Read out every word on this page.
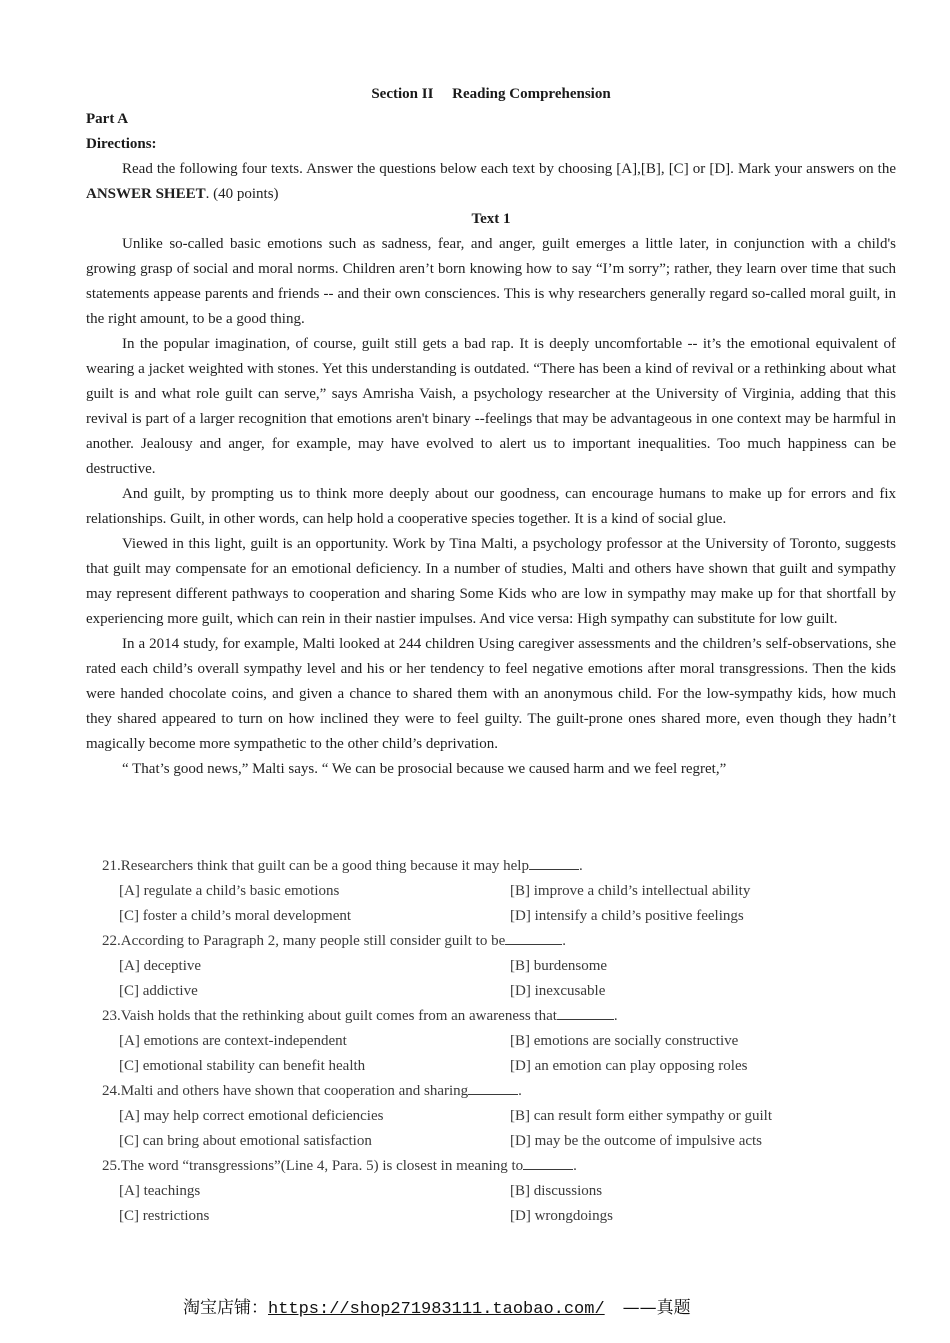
Section II  Reading Comprehension
Part A
Directions:

Read the following four texts. Answer the questions below each text by choosing [A],[B], [C] or [D]. Mark your answers on the ANSWER SHEET. (40 points)

Text 1

Unlike so-called basic emotions such as sadness, fear, and anger, guilt emerges a little later, in conjunction with a child's growing grasp of social and moral norms. Children aren’t born knowing how to say “I’m sorry”; rather, they learn over time that such statements appease parents and friends -- and their own consciences. This is why researchers generally regard so-called moral guilt, in the right amount, to be a good thing.

In the popular imagination, of course, guilt still gets a bad rap. It is deeply uncomfortable -- it’s the emotional equivalent of wearing a jacket weighted with stones. Yet this understanding is outdated. “There has been a kind of revival or a rethinking about what guilt is and what role guilt can serve,” says Amrisha Vaish, a psychology researcher at the University of Virginia, adding that this revival is part of a larger recognition that emotions aren't binary --feelings that may be advantageous in one context may be harmful in another. Jealousy and anger, for example, may have evolved to alert us to important inequalities. Too much happiness can be destructive.

And guilt, by prompting us to think more deeply about our goodness, can encourage humans to make up for errors and fix relationships. Guilt, in other words, can help hold a cooperative species together. It is a kind of social glue.

Viewed in this light, guilt is an opportunity. Work by Tina Malti, a psychology professor at the University of Toronto, suggests that guilt may compensate for an emotional deficiency. In a number of studies, Malti and others have shown that guilt and sympathy may represent different pathways to cooperation and sharing Some Kids who are low in sympathy may make up for that shortfall by experiencing more guilt, which can rein in their nastier impulses. And vice versa: High sympathy can substitute for low guilt.

In a 2014 study, for example, Malti looked at 244 children Using caregiver assessments and the children’s self-observations, she rated each child’s overall sympathy level and his or her tendency to feel negative emotions after moral transgressions. Then the kids were handed chocolate coins, and given a chance to shared them with an anonymous child. For the low-sympathy kids, how much they shared appeared to turn on how inclined they were to feel guilty. The guilt-prone ones shared more, even though they hadn’t magically become more sympathetic to the other child’s deprivation.

“ That’s good news,” Malti says. “ We can be prosocial because we caused harm and we feel regret,”

21.Researchers think that guilt can be a good thing because it may help	.
[A] regulate a child’s basic emotions	[B] improve a child’s intellectual ability
[C] foster a child’s moral development	[D] intensify a child’s positive feelings
22.According to Paragraph 2, many people still consider guilt to be	.
[A] deceptive	[B] burdensome
[C] addictive	[D] inexcusable
23.Vaish holds that the rethinking about guilt comes from an awareness that	.
[A] emotions are context-independent	[B] emotions are socially constructive
[C] emotional stability can benefit health	[D] an emotion can play opposing roles
24.Malti and others have shown that cooperation and sharing	.
[A] may help correct emotional deficiencies	[B] can result form either sympathy or guilt
[C] can bring about emotional satisfaction	[D] may be the outcome of impulsive acts
25.The word “transgressions”(Line 4, Para. 5) is closest in meaning to	.
[A] teachings	[B] discussions
[C] restrictions	[D] wrongdoings
淘宝店铺：https://shop271983111.taobao.com/ ——真题
